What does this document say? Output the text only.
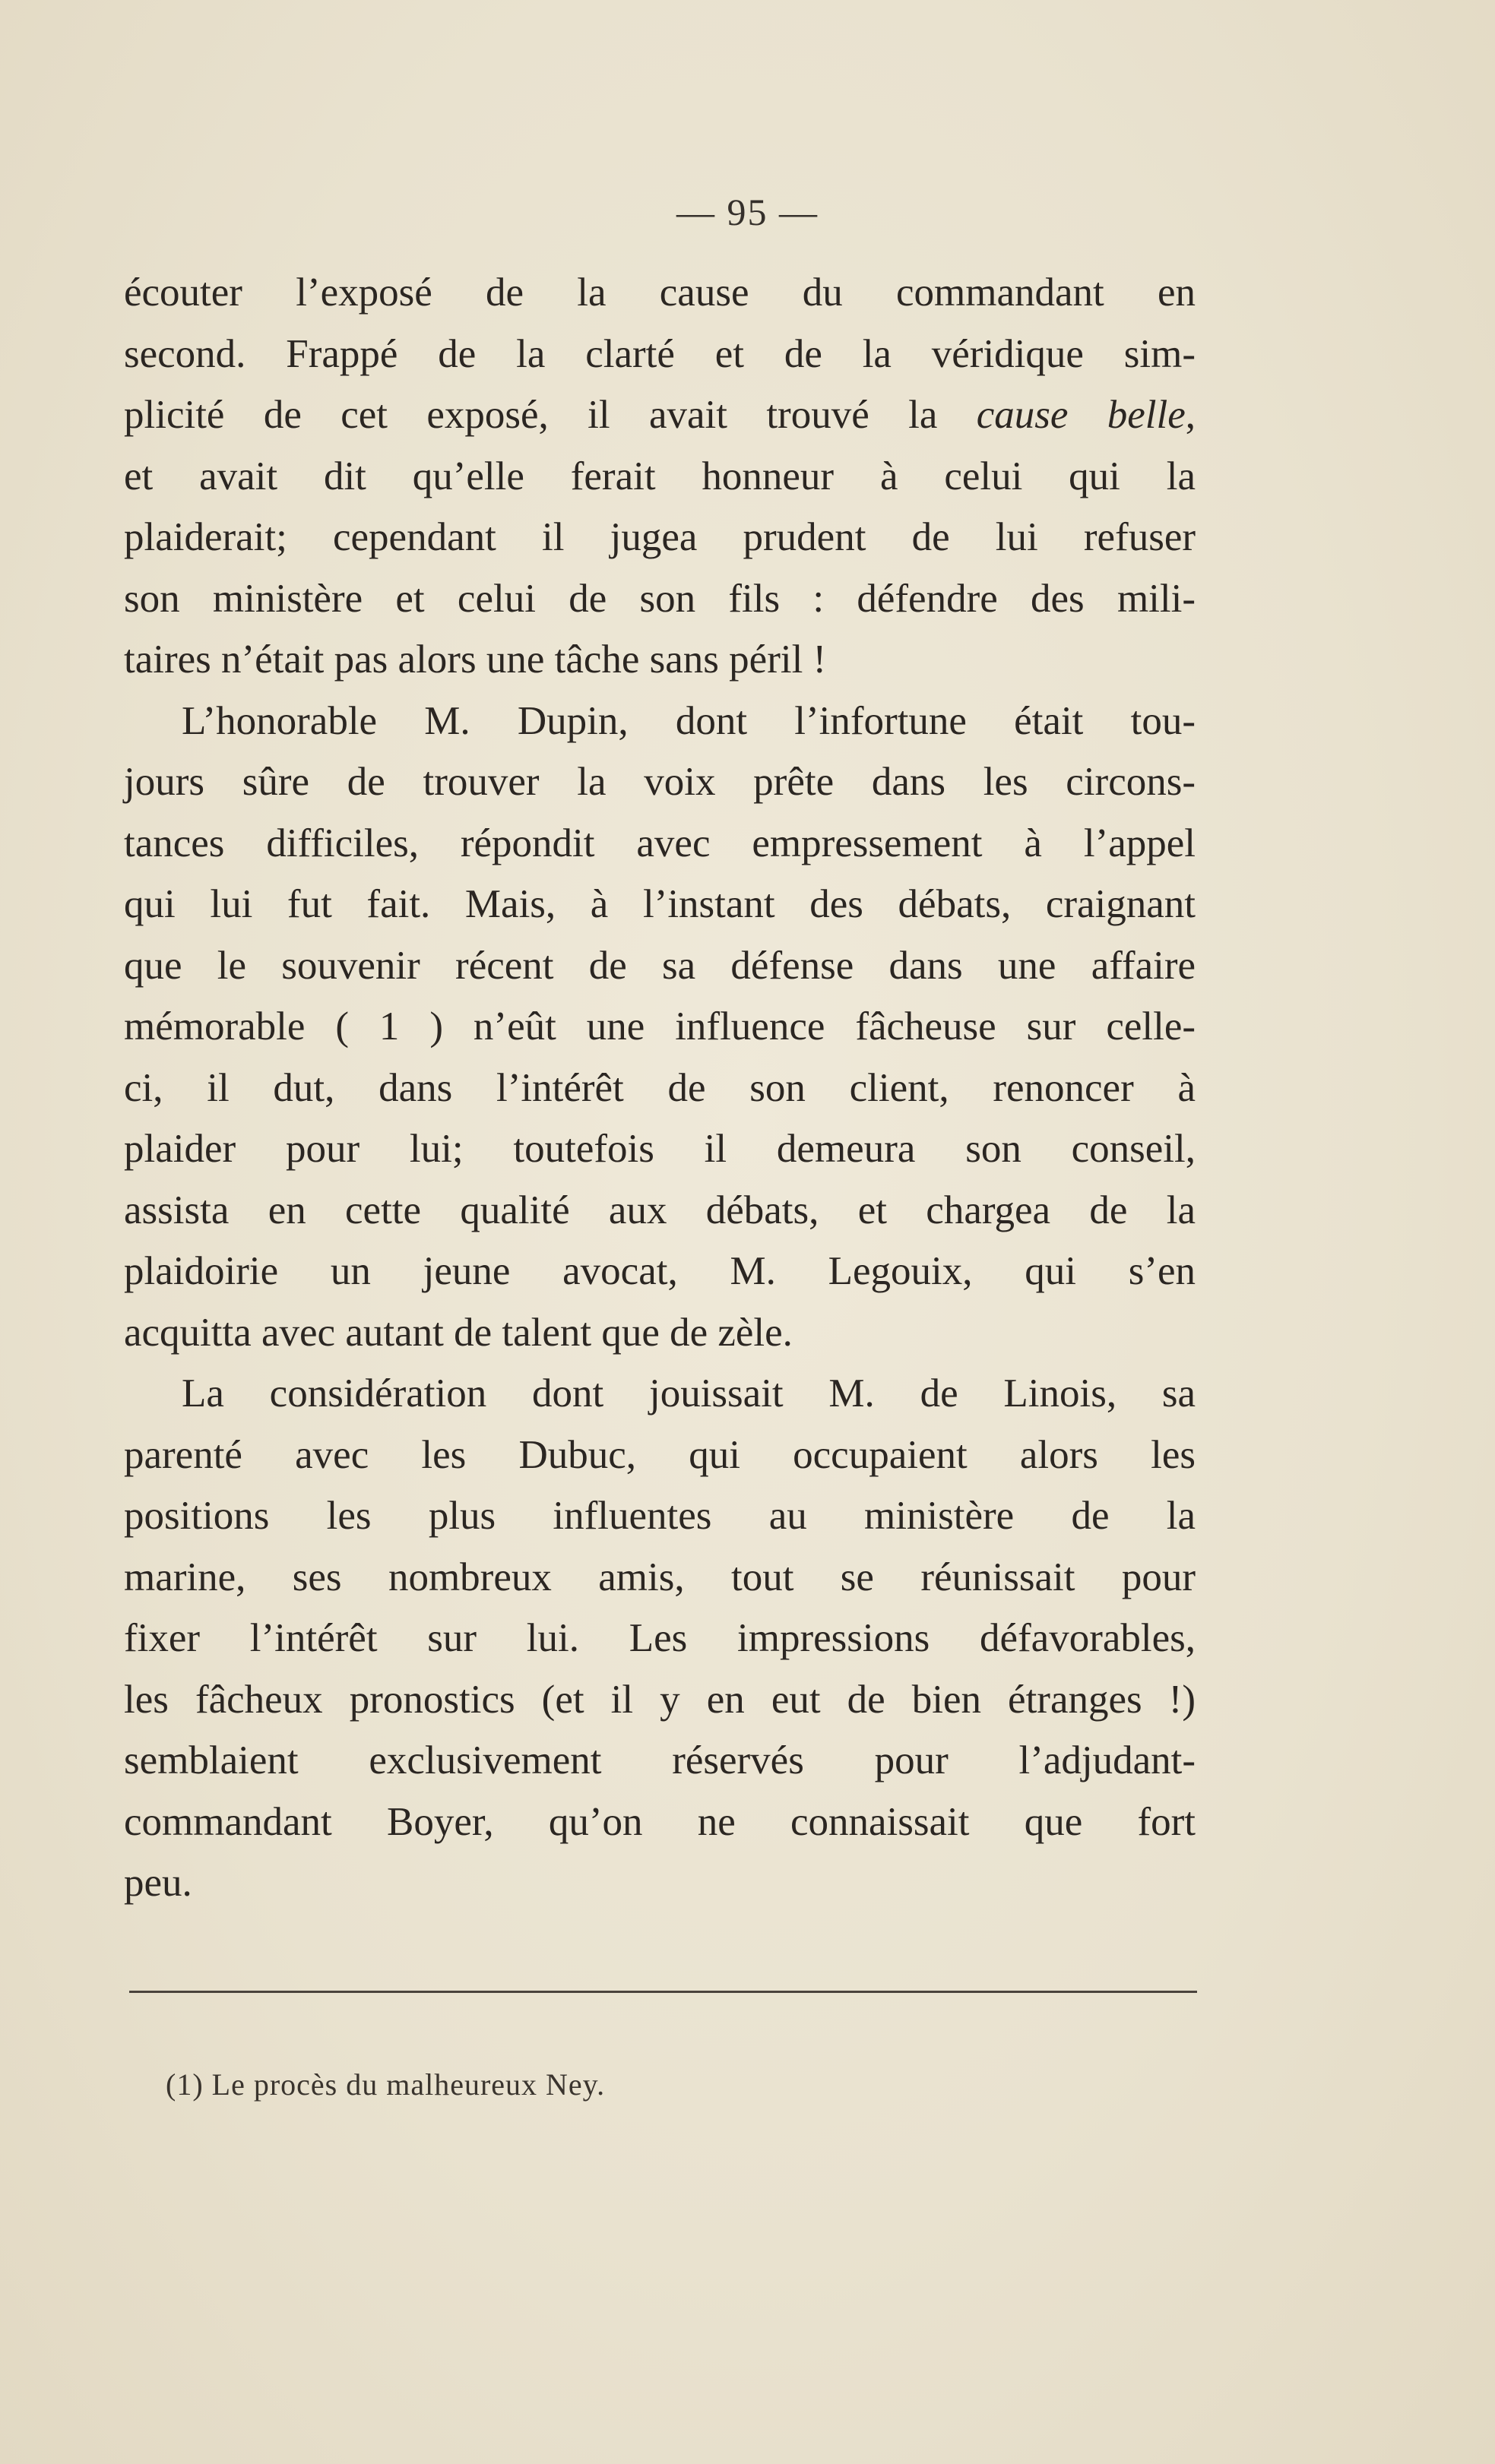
— 95 —
écouter l’exposé de la cause du commandant en
second. Frappé de la clarté et de la véridique sim-
plicité de cet exposé, il avait trouvé la cause belle,
et avait dit qu’elle ferait honneur à celui qui la
plaiderait; cependant il jugea prudent de lui refuser
son ministère et celui de son fils : défendre des mili-
taires n’était pas alors une tâche sans péril !
L’honorable M. Dupin, dont l’infortune était tou-
jours sûre de trouver la voix prête dans les circons-
tances difficiles, répondit avec empressement à l’appel
qui lui fut fait. Mais, à l’instant des débats, craignant
que le souvenir récent de sa défense dans une affaire
mémorable ( 1 ) n’eût une influence fâcheuse sur celle-
ci, il dut, dans l’intérêt de son client, renoncer à
plaider pour lui; toutefois il demeura son conseil,
assista en cette qualité aux débats, et chargea de la
plaidoirie un jeune avocat, M. Legouix, qui s’en
acquitta avec autant de talent que de zèle.
La considération dont jouissait M. de Linois, sa
parenté avec les Dubuc, qui occupaient alors les
positions les plus influentes au ministère de la
marine, ses nombreux amis, tout se réunissait pour
fixer l’intérêt sur lui. Les impressions défavorables,
les fâcheux pronostics (et il y en eut de bien étranges !)
semblaient exclusivement réservés pour l’adjudant-
commandant Boyer, qu’on ne connaissait que fort
peu.
(1) Le procès du malheureux Ney.
